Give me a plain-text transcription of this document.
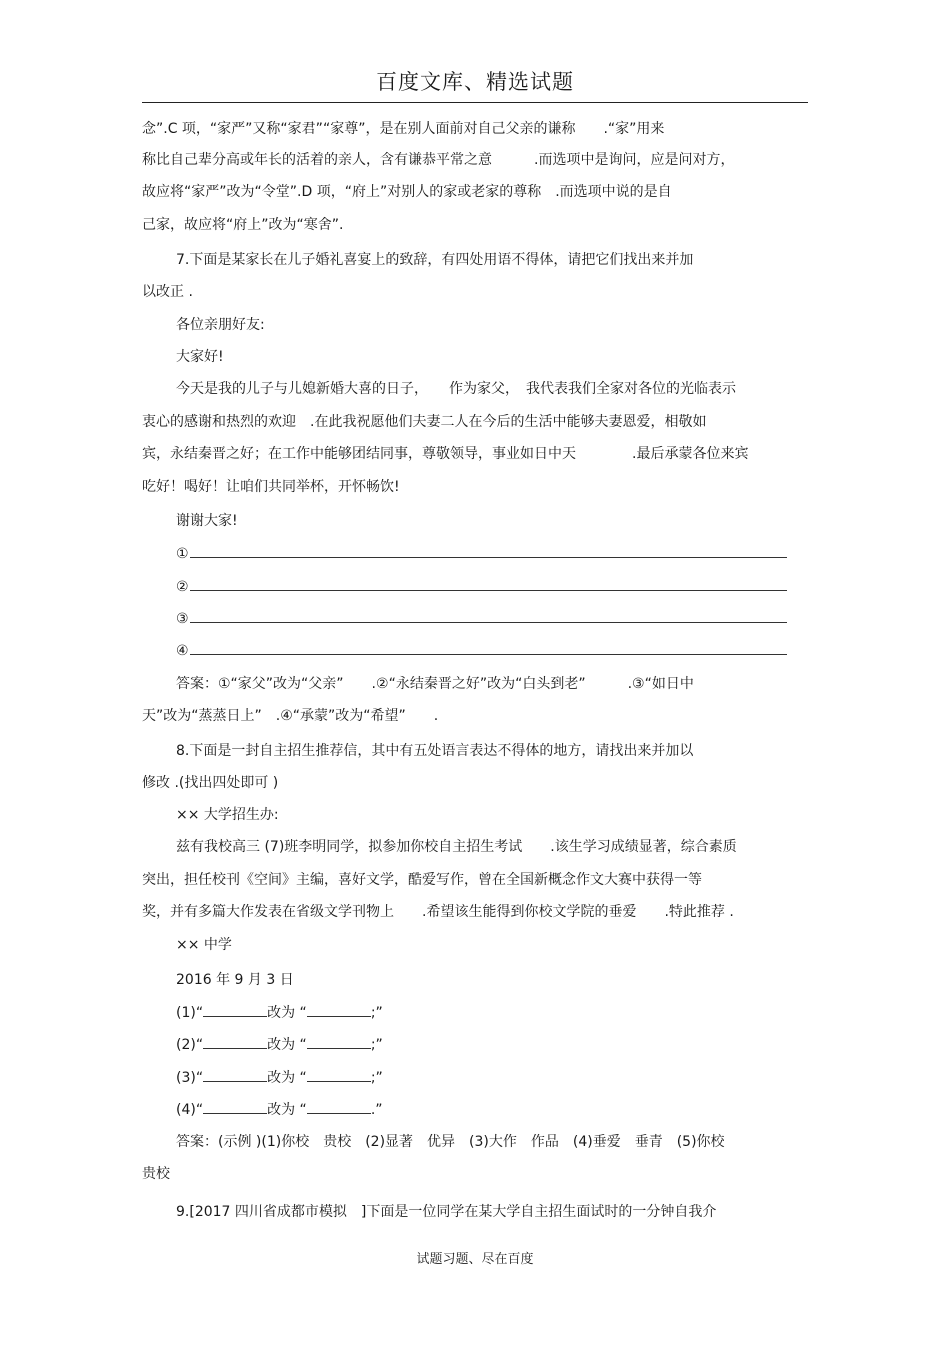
百度文库、精选试题
念”.C 项，“家严”又称“家君”“家尊”，是在别人面前对自己父亲的谦称　　.“家”用来
称比自己辈分高或年长的活着的亲人，含有谦恭平常之意　　　.而选项中是询问，应是问对方，
故应将“家严”改为“令堂”.D 项，“府上”对别人的家或老家的尊称　.而选项中说的是自
己家，故应将“府上”改为“寒舍”.
7.下面是某家长在儿子婚礼喜宴上的致辞，有四处用语不得体，请把它们找出来并加
以改正 .
各位亲朋好友:
大家好!
今天是我的儿子与儿媳新婚大喜的日子，　　作为家父，　我代表我们全家对各位的光临表示
衷心的感谢和热烈的欢迎　.在此我祝愿他们夫妻二人在今后的生活中能够夫妻恩爱，相敬如
宾，永结秦晋之好；在工作中能够团结同事，尊敬领导，事业如日中天　　　　.最后承蒙各位来宾
吃好！喝好！让咱们共同举杯，开怀畅饮!
谢谢大家!
①
②
③
④
答案：①“家父”改为“父亲”　　.②“永结秦晋之好”改为“白头到老”　　　.③“如日中
天”改为“蒸蒸日上”　.④“承蒙”改为“希望”　　.
8.下面是一封自主招生推荐信，其中有五处语言表达不得体的地方，请找出来并加以
修改 .(找出四处即可 )
×× 大学招生办:
兹有我校高三 (7)班李明同学，拟参加你校自主招生考试　　.该生学习成绩显著，综合素质
突出，担任校刊《空间》主编，喜好文学，酷爱写作，曾在全国新概念作文大赛中获得一等
奖，并有多篇大作发表在省级文学刊物上　　.希望该生能得到你校文学院的垂爱　　.特此推荐 .
×× 中学
2016 年 9 月 3 日
(1)“	改为 “	;”
(2)“	改为 “	;”
(3)“	改为 “	;”
(4)“	改为 “	.”
答案：(示例 )(1)你校　贵校　(2)显著　优异　(3)大作　作品　(4)垂爱　垂青　(5)你校
贵校
9.[2017 四川省成都市模拟　]下面是一位同学在某大学自主招生面试时的一分钟自我介
试题习题、尽在百度
